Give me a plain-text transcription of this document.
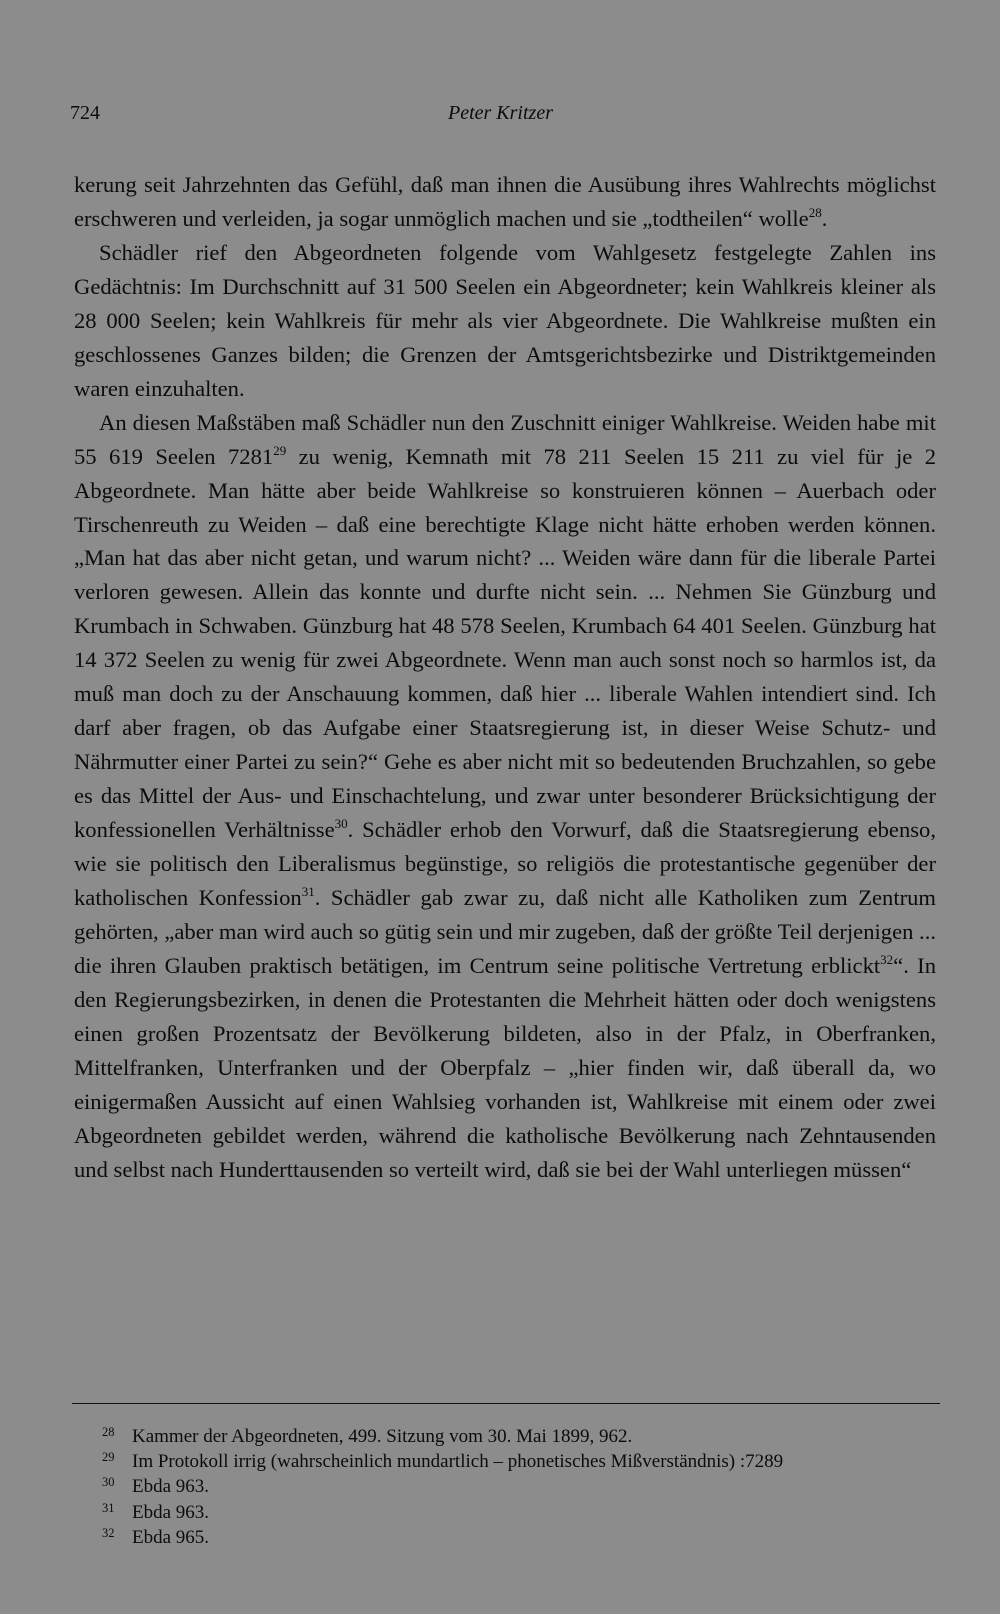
724	Peter Kritzer

kerung seit Jahrzehnten das Gefühl, daß man ihnen die Ausübung ihres Wahlrechts möglichst erschweren und verleiden, ja sogar unmöglich machen und sie „todtheilen“ wolle$^{28}$.

Schädler rief den Abgeordneten folgende vom Wahlgesetz festgelegte Zahlen ins Gedächtnis: Im Durchschnitt auf 31 500 Seelen ein Abgeordneter; kein Wahlkreis kleiner als 28 000 Seelen; kein Wahlkreis für mehr als vier Abgeordnete. Die Wahlkreise mußten ein geschlossenes Ganzes bilden; die Grenzen der Amtsgerichtsbezirke und Distriktgemeinden waren einzuhalten.

An diesen Maßstäben maß Schädler nun den Zuschnitt einiger Wahlkreise. Weiden habe mit 55 619 Seelen 7281$^{29}$ zu wenig, Kemnath mit 78 211 Seelen 15 211 zu viel für je 2 Abgeordnete. Man hätte aber beide Wahlkreise so konstruieren können – Auerbach oder Tirschenreuth zu Weiden – daß eine berechtigte Klage nicht hätte erhoben werden können. „Man hat das aber nicht getan, und warum nicht? ... Weiden wäre dann für die liberale Partei verloren gewesen. Allein das konnte und durfte nicht sein. ... Nehmen Sie Günzburg und Krumbach in Schwaben. Günzburg hat 48 578 Seelen, Krumbach 64 401 Seelen. Günzburg hat 14 372 Seelen zu wenig für zwei Abgeordnete. Wenn man auch sonst noch so harmlos ist, da muß man doch zu der Anschauung kommen, daß hier ... liberale Wahlen intendiert sind. Ich darf aber fragen, ob das Aufgabe einer Staatsregierung ist, in dieser Weise Schutz- und Nährmutter einer Partei zu sein?“ Gehe es aber nicht mit so bedeutenden Bruchzahlen, so gebe es das Mittel der Aus- und Einschachtelung, und zwar unter besonderer Brücksichtigung der konfessionellen Verhältnisse$^{30}$. Schädler erhob den Vorwurf, daß die Staatsregierung ebenso, wie sie politisch den Liberalismus begünstige, so religiös die protestantische gegenüber der katholischen Konfession$^{31}$. Schädler gab zwar zu, daß nicht alle Katholiken zum Zentrum gehörten, „aber man wird auch so gütig sein und mir zugeben, daß der größte Teil derjenigen ... die ihren Glauben praktisch betätigen, im Centrum seine politische Vertretung erblickt$^{32}$“. In den Regierungsbezirken, in denen die Protestanten die Mehrheit hätten oder doch wenigstens einen großen Prozentsatz der Bevölkerung bildeten, also in der Pfalz, in Oberfranken, Mittelfranken, Unterfranken und der Oberpfalz – „hier finden wir, daß überall da, wo einigermaßen Aussicht auf einen Wahlsieg vorhanden ist, Wahlkreise mit einem oder zwei Abgeordneten gebildet werden, während die katholische Bevölkerung nach Zehntausenden und selbst nach Hunderttausenden so verteilt wird, daß sie bei der Wahl unterliegen müssen“

28 Kammer der Abgeordneten, 499. Sitzung vom 30. Mai 1899, 962.
29 Im Protokoll irrig (wahrscheinlich mundartlich – phonetisches Mißverständnis) :7289
30 Ebda 963.
31 Ebda 963.
32 Ebda 965.
